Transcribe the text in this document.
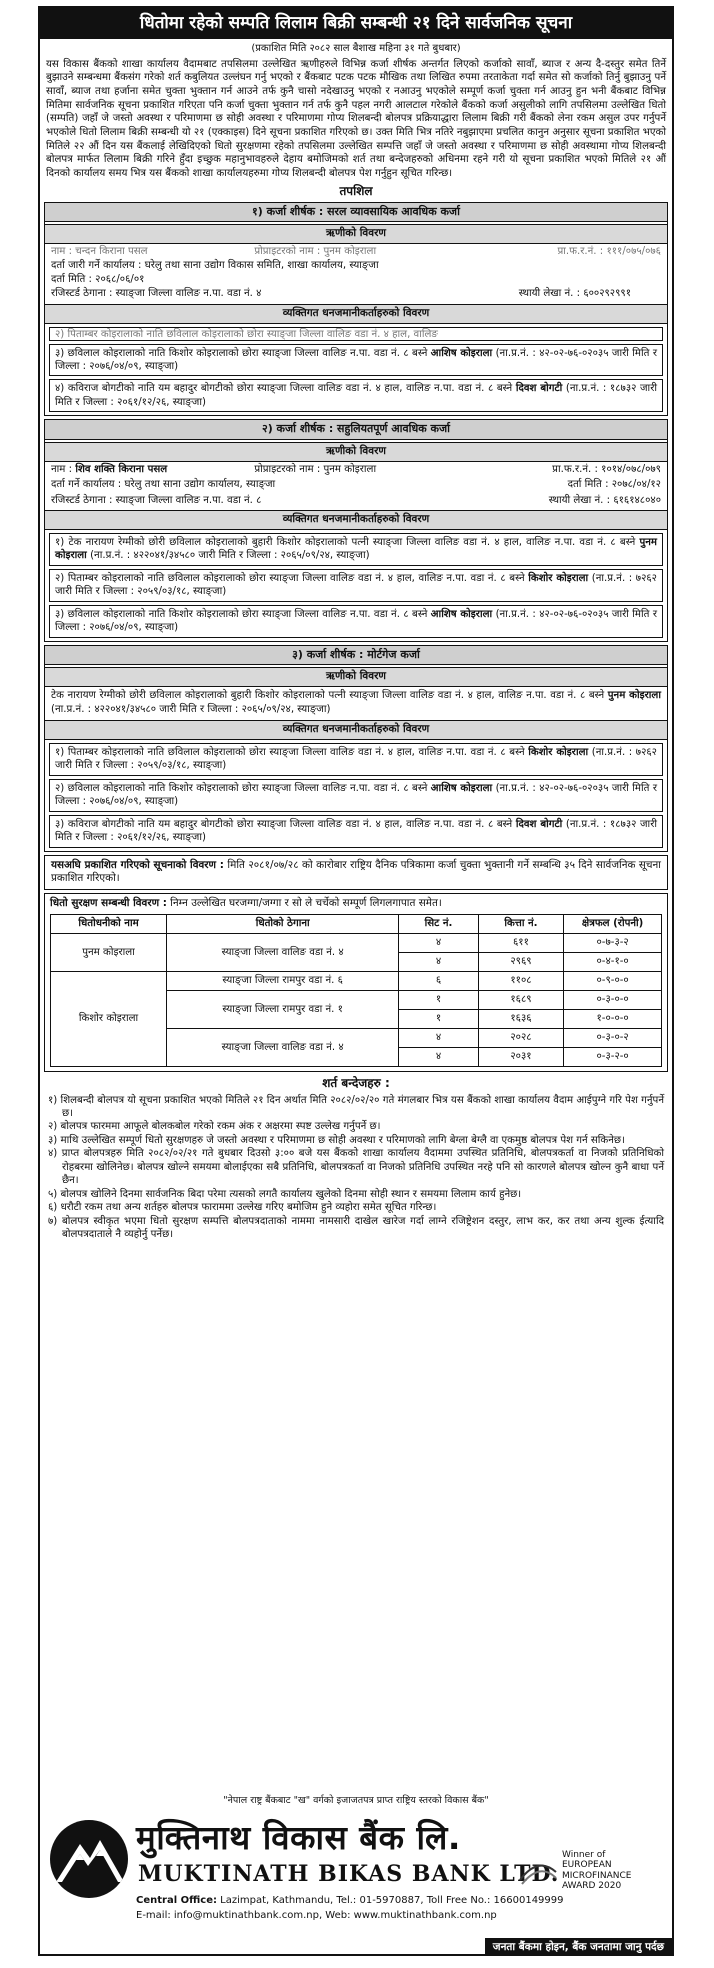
धितोमा रहेको सम्पति लिलाम बिक्री सम्बन्धी २१ दिने सार्वजनिक सूचना
(प्रकाशित मिति २०८२ साल बैशाख महिना ३१ गते बुधबार)
यस विकास बैंकको शाखा कार्यालय वैदामबाट तपसिलमा उल्लेखित ऋणीहरुले विभिन्न कर्जा शीर्षक अन्तर्गत लिएको कर्जाको सावाँ, ब्याज र अन्य दै-दस्तुर समेत तिर्ने बुझाउने सम्बन्धमा बैंकसंग गरेको शर्त कबुलियत उल्लंघन गर्नु भएको र बैंकबाट पटक पटक मौखिक तथा लिखित रुपमा तरताकेता गर्दा समेत सो कर्जाको तिर्नु बुझाउनु पर्ने सावाँ, ब्याज तथा हर्जाना समेत चुक्ता भुक्तान गर्न आउने तर्फ कुनै चासो नदेखाउनु भएको र नआउनु भएकोले सम्पूर्ण कर्जा चुक्ता गर्न आउनु हुन भनी बैंकबाट विभिन्न मितिमा सार्वजनिक सूचना प्रकाशित गरिएता पनि कर्जा चुक्ता भुक्तान गर्न तर्फ कुनै पहल नगरी आलटाल गरेकोले बैंकको कर्जा असुलीको लागि तपसिलमा उल्लेखित धितो (सम्पति) जहाँ जे जस्तो अवस्था र परिमाणमा छ सोही अवस्था र परिमाणमा गोप्य शिलबन्दी बोलपत्र प्रक्रियाद्धारा लिलाम बिक्री गरी बैंकको लेना रकम असुल उपर गर्नुपर्ने भएकोले धितो लिलाम बिक्री सम्बन्धी यो २१ (एक्काइस) दिने सूचना प्रकाशित गरिएको छ। उक्त मिति भित्र नतिरे नबुझाएमा प्रचलित कानुन अनुसार सूचना प्रकाशित भएको मितिले २२ औं दिन यस बैंकलाई लेखिदिएको धितो सुरक्षणमा रहेको तपसिलमा उल्लेखित सम्पत्ति जहाँ जे जस्तो अवस्था र परिमाणमा छ सोही अवस्थामा गोप्य शिलबन्दी बोलपत्र मार्फत लिलाम बिक्री गरिने हुँदा इच्छुक महानुभावहरुले देहाय बमोजिमको शर्त तथा बन्देजहरुको अधिनमा रहने गरी यो सूचना प्रकाशित भएको मितिले २१ औं दिनको कार्यालय समय भित्र यस बैंकको शाखा कार्यालयहरुमा गोप्य शिलबन्दी बोलपत्र पेश गर्नुहुन सूचित गरिन्छ।
तपशिल
१) कर्जा शीर्षक : सरल व्यावसायिक आवधिक कर्जा
ऋणीको विवरण
नाम : चन्दन किराना पसल	प्रोप्राइटरको नाम : पुनम कोइराला	प्रा.फ.र.नं. : १११/०७५/०७६
दर्ता जारी गर्ने कार्यालय : घरेलु तथा साना उद्योग विकास समिति, शाखा कार्यालय, स्याङ्जा
दर्ता मिति : २०६८/०६/०१
रजिस्टर्ड ठेगाना : स्याङ्जा जिल्ला वालिङ न.पा. वडा नं. ४	स्थायी लेखा नं. : ६००२९२९९१
व्यक्तिगत धनजमानीकर्ताहरुको विवरण
२) पिताम्बर कोइरालाको नाति छविलाल कोइरालाको छोरा स्याङ्जा जिल्ला वालिङ वडा नं. ४ हाल, वालिङ
३) छविलाल कोइरालाको नाति किशोर कोइरालाको छोरा स्याङ्जा जिल्ला वालिङ न.पा. वडा नं. ८ बस्ने आशिष कोइराला (ना.प्र.नं. : ४२-०२-७६-०२०३५ जारी मिति र जिल्ला : २०७६/०४/०९, स्याङ्जा)
४) कविराज बोगटीको नाति यम बहादुर बोगटीको छोरा स्याङ्जा जिल्ला वालिङ वडा नं. ४ हाल, वालिङ न.पा. वडा नं. ८ बस्ने दिवश बोगटी (ना.प्र.नं. : १८७३२ जारी मिति र जिल्ला : २०६१/१२/२६, स्याङ्जा)
२) कर्जा शीर्षक : सहुलियतपूर्ण आवधिक कर्जा
ऋणीको विवरण
नाम : शिव शक्ति किराना पसल	प्रोप्राइटरको नाम : पुनम कोइराला	प्रा.फ.र.नं. : १०१४/०७८/०७९
दर्ता गर्ने कार्यालय : घरेलु तथा साना उद्योग कार्यालय, स्याङ्जा	दर्ता मिति : २०७८/०४/१२
रजिस्टर्ड ठेगाना : स्याङ्जा जिल्ला वालिङ न.पा. वडा नं. ८	स्थायी लेखा नं. : ६१६१४८०४०
व्यक्तिगत धनजमानीकर्ताहरुको विवरण
१) टेक नारायण रेग्मीको छोरी छविलाल कोइरालाको बुहारी किशोर कोइरालाको पत्नी स्याङ्जा जिल्ला वालिङ वडा नं. ४ हाल, वालिङ न.पा. वडा नं. ८ बस्ने पुनम कोइराला (ना.प्र.नं. : ४२२०४१/३४५८० जारी मिति र जिल्ला : २०६५/०९/२४, स्याङ्जा)
२) पिताम्बर कोइरालाको नाति छविलाल कोइरालाको छोरा स्याङ्जा जिल्ला वालिङ वडा नं. ४ हाल, वालिङ न.पा. वडा नं. ८ बस्ने किशोर कोइराला (ना.प्र.नं. : ७२६२ जारी मिति र जिल्ला : २०५९/०३/१८, स्याङ्जा)
३) छविलाल कोइरालाको नाति किशोर कोइरालाको छोरा स्याङ्जा जिल्ला वालिङ न.पा. वडा नं. ८ बस्ने आशिष कोइराला (ना.प्र.नं. : ४२-०२-७६-०२०३५ जारी मिति र जिल्ला : २०७६/०४/०९, स्याङ्जा)
३) कर्जा शीर्षक : मोर्टगेज कर्जा
ऋणीको विवरण
टेक नारायण रेग्मीको छोरी छविलाल कोइरालाको बुहारी किशोर कोइरालाको पत्नी स्याङ्जा जिल्ला वालिङ वडा नं. ४ हाल, वालिङ न.पा. वडा नं. ८ बस्ने पुनम कोइराला (ना.प्र.नं. : ४२२०४१/३४५८० जारी मिति र जिल्ला : २०६५/०९/२४, स्याङ्जा)
व्यक्तिगत धनजमानीकर्ताहरुको विवरण
१) पिताम्बर कोइरालाको नाति छविलाल कोइरालाको छोरा स्याङ्जा जिल्ला वालिङ वडा नं. ४ हाल, वालिङ न.पा. वडा नं. ८ बस्ने किशोर कोइराला (ना.प्र.नं. : ७२६२ जारी मिति र जिल्ला : २०५९/०३/१८, स्याङ्जा)
२) छविलाल कोइरालाको नाति किशोर कोइरालाको छोरा स्याङ्जा जिल्ला वालिङ न.पा. वडा नं. ८ बस्ने आशिष कोइराला (ना.प्र.नं. : ४२-०२-७६-०२०३५ जारी मिति र जिल्ला : २०७६/०४/०९, स्याङ्जा)
३) कविराज बोगटीको नाति यम बहादुर बोगटीको छोरा स्याङ्जा जिल्ला वालिङ वडा नं. ४ हाल, वालिङ न.पा. वडा नं. ८ बस्ने दिवश बोगटी (ना.प्र.नं. : १८७३२ जारी मिति र जिल्ला : २०६१/१२/२६, स्याङ्जा)
यसअघि प्रकाशित गरिएको सूचनाको विवरण : मिति २०८१/०७/२८ को कारोबार राष्ट्रिय दैनिक पत्रिकामा कर्जा चुक्ता भुक्तानी गर्ने सम्बन्धि ३५ दिने सार्वजनिक सूचना प्रकाशित गरिएको।
धितो सुरक्षण सम्बन्धी विवरण : निम्न उल्लेखित घरजग्गा/जग्गा र सो ले चर्चेको सम्पूर्ण लिगलगापात समेत।
धितोधनीको नाम	धितोको ठेगाना	सिट नं.	कित्ता नं.	क्षेत्रफल (रोपनी)
पुनम कोइराला	स्याङ्जा जिल्ला वालिङ वडा नं. ४	४	६११	०-७-३-२
		४	२९६९	०-४-१-०
किशोर कोइराला	स्याङ्जा जिल्ला रामपुर वडा नं. ६	६	११०८	०-९-०-०
	स्याङ्जा जिल्ला रामपुर वडा नं. १	१	१६८९	०-३-०-०
		१	१६३६	१-०-०-०
	स्याङ्जा जिल्ला वालिङ वडा नं. ४	४	२०२८	०-३-०-२
		४	२०३१	०-३-२-०
शर्त बन्देजहरु :
१) शिलबन्दी बोलपत्र यो सूचना प्रकाशित भएको मितिले २१ दिन अर्थात मिति २०८२/०२/२० गते मंगलबार भित्र यस बैंकको शाखा कार्यालय वैदाम आईपुग्ने गरि पेश गर्नुपर्ने छ।
२) बोलपत्र फारममा आफूले बोलकबोल गरेको रकम अंक र अक्षरमा स्पष्ट उल्लेख गर्नुपर्ने छ।
३) माथि उल्लेखित सम्पूर्ण धितो सुरक्षणहरु जे जस्तो अवस्था र परिमाणमा छ सोही अवस्था र परिमाणको लागि बेग्ला बेग्लै वा एकमुष्ठ बोलपत्र पेश गर्न सकिनेछ।
४) प्राप्त बोलपत्रहरु मिति २०८२/०२/२१ गते बुधबार दिउसो ३:०० बजे यस बैंकको शाखा कार्यालय वैदाममा उपस्थित प्रतिनिधि, बोलपत्रकर्ता वा निजको प्रतिनिधिको रोहबरमा खोलिनेछ। बोलपत्र खोल्ने समयमा बोलाईएका सबै प्रतिनिधि, बोलपत्रकर्ता वा निजको प्रतिनिधि उपस्थित नरहे पनि सो कारणले बोलपत्र खोल्न कुनै बाधा पर्ने छैन।
५) बोलपत्र खोलिने दिनमा सार्वजनिक बिदा परेमा त्यसको लगतै कार्यालय खुलेको दिनमा सोही स्थान र समयमा लिलाम कार्य हुनेछ।
६) धरौटी रकम तथा अन्य शर्तहरु बोलपत्र फाराममा उल्लेख गरिए बमोजिम हुने व्यहोरा समेत सूचित गरिन्छ।
७) बोलपत्र स्वीकृत भएमा धितो सुरक्षण सम्पत्ति बोलपत्रदाताको नाममा नामसारी दाखेल खारेज गर्दा लाग्ने रजिष्ट्रेशन दस्तुर, लाभ कर, कर तथा अन्य शुल्क ईत्यादि बोलपत्रदाताले नै व्यहोर्नु पर्नेछ।
"नेपाल राष्ट्र बैंकबाट "ख" वर्गको इजाजतपत्र प्राप्त राष्ट्रिय स्तरको विकास बैंक"
मुक्तिनाथ विकास बैंक लि.
MUKTINATH BIKAS BANK LTD.
Winner of
EUROPEAN
MICROFINANCE
AWARD 2020
Central Office: Lazimpat, Kathmandu, Tel.: 01-5970887, Toll Free No.: 16600149999
E-mail: info@muktinathbank.com.np, Web: www.muktinathbank.com.np
जनता बैंकमा होइन, बैंक जनतामा जानु पर्दछ
